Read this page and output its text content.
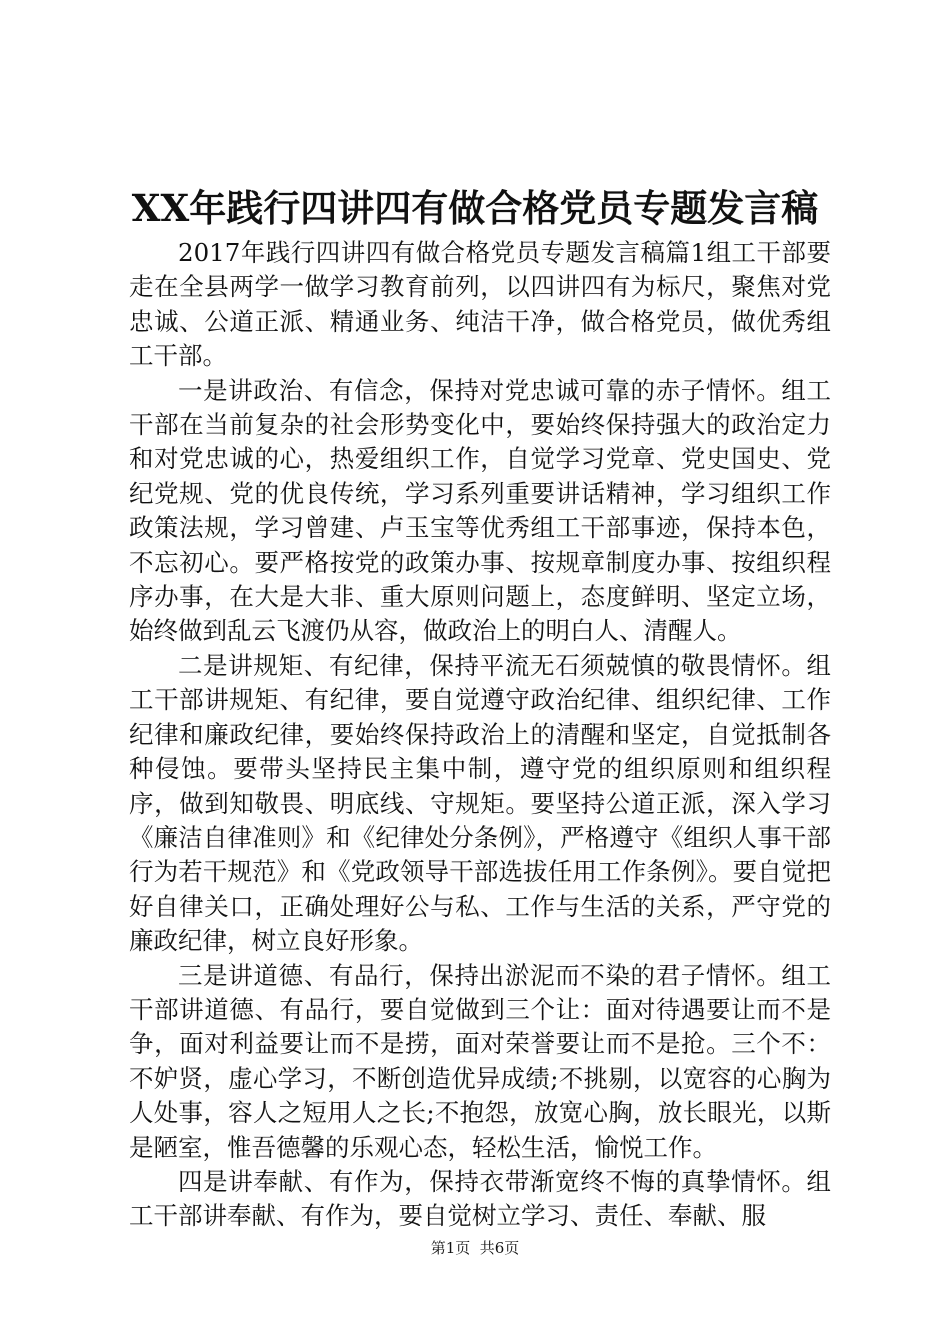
XX年践行四讲四有做合格党员专题发言稿

2017年践行四讲四有做合格党员专题发言稿篇1组工干部要走在全县两学一做学习教育前列，以四讲四有为标尺，聚焦对党忠诚、公道正派、精通业务、纯洁干净，做合格党员，做优秀组工干部。

一是讲政治、有信念，保持对党忠诚可靠的赤子情怀。组工干部在当前复杂的社会形势变化中，要始终保持强大的政治定力和对党忠诚的心，热爱组织工作，自觉学习党章、党史国史、党纪党规、党的优良传统，学习系列重要讲话精神，学习组织工作政策法规，学习曾建、卢玉宝等优秀组工干部事迹，保持本色，不忘初心。要严格按党的政策办事、按规章制度办事、按组织程序办事，在大是大非、重大原则问题上，态度鲜明、坚定立场，始终做到乱云飞渡仍从容，做政治上的明白人、清醒人。

二是讲规矩、有纪律，保持平流无石须兢慎的敬畏情怀。组工干部讲规矩、有纪律，要自觉遵守政治纪律、组织纪律、工作纪律和廉政纪律，要始终保持政治上的清醒和坚定，自觉抵制各种侵蚀。要带头坚持民主集中制，遵守党的组织原则和组织程序，做到知敬畏、明底线、守规矩。要坚持公道正派，深入学习《廉洁自律准则》和《纪律处分条例》，严格遵守《组织人事干部行为若干规范》和《党政领导干部选拔任用工作条例》。要自觉把好自律关口，正确处理好公与私、工作与生活的关系，严守党的廉政纪律，树立良好形象。

三是讲道德、有品行，保持出淤泥而不染的君子情怀。组工干部讲道德、有品行，要自觉做到三个让：面对待遇要让而不是争，面对利益要让而不是捞，面对荣誉要让而不是抢。三个不：不妒贤，虚心学习，不断创造优异成绩;不挑剔，以宽容的心胸为人处事，容人之短用人之长;不抱怨，放宽心胸，放长眼光，以斯是陋室，惟吾德馨的乐观心态，轻松生活，愉悦工作。

四是讲奉献、有作为，保持衣带渐宽终不悔的真挚情怀。组工干部讲奉献、有作为，要自觉树立学习、责任、奉献、服

第1页  共6页
